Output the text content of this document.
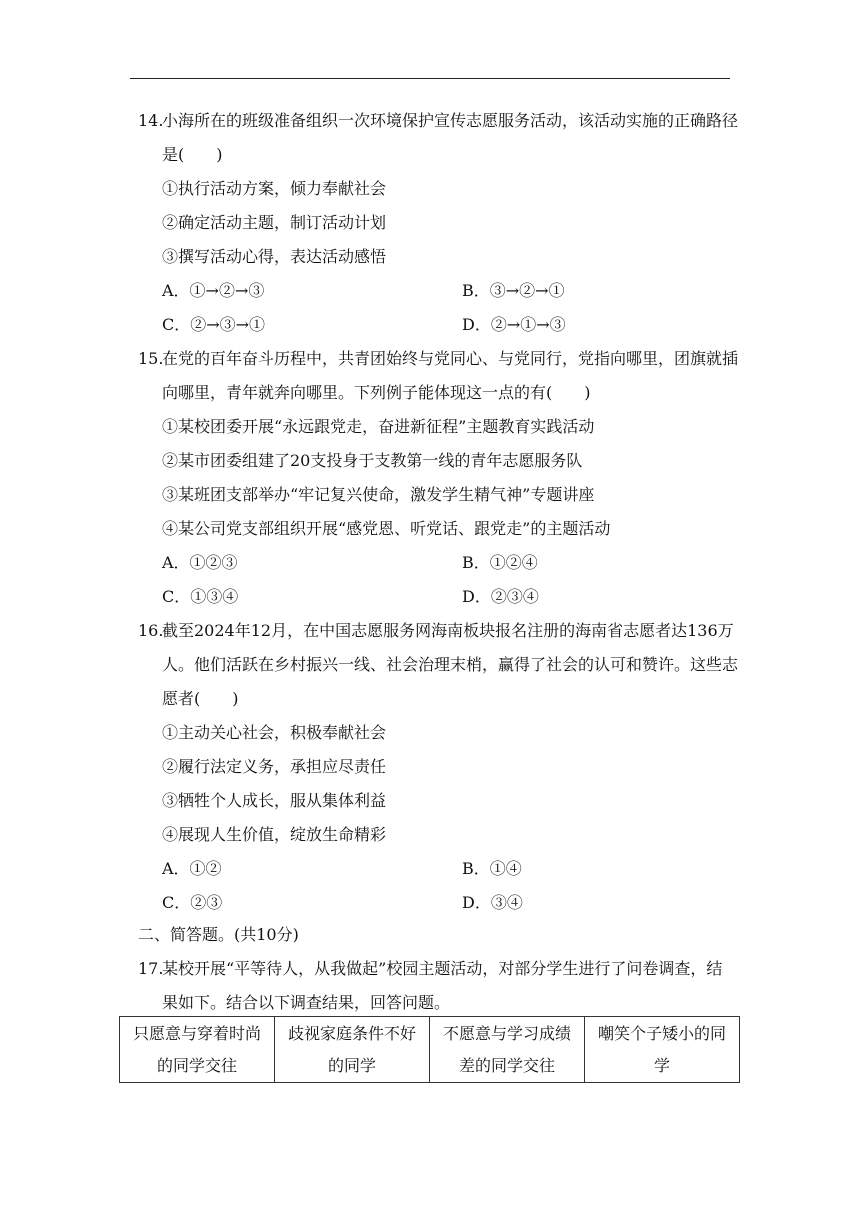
14.小海所在的班级准备组织一次环境保护宣传志愿服务活动，该活动实施的正确路径是(　　)
①执行活动方案，倾力奉献社会
②确定活动主题，制订活动计划
③撰写活动心得，表达活动感悟
A．①→②→③	B．③→②→①
C．②→③→①	D．②→①→③
15.在党的百年奋斗历程中，共青团始终与党同心、与党同行，党指向哪里，团旗就插向哪里，青年就奔向哪里。下列例子能体现这一点的有(　　)
①某校团委开展“永远跟党走，奋进新征程”主题教育实践活动
②某市团委组建了20支投身于支教第一线的青年志愿服务队
③某班团支部举办“牢记复兴使命，激发学生精气神”专题讲座
④某公司党支部组织开展“感党恩、听党话、跟党走”的主题活动
A．①②③	B．①②④
C．①③④	D．②③④
16.截至2024年12月，在中国志愿服务网海南板块报名注册的海南省志愿者达136万人。他们活跃在乡村振兴一线、社会治理末梢，赢得了社会的认可和赞许。这些志愿者(　　)
①主动关心社会，积极奉献社会
②履行法定义务，承担应尽责任
③牺牲个人成长，服从集体利益
④展现人生价值，绽放生命精彩
A．①②	B．①④
C．②③	D．③④
二、简答题。(共10分)
17.某校开展“平等待人，从我做起”校园主题活动，对部分学生进行了问卷调查，结果如下。结合以下调查结果，回答问题。
只愿意与穿着时尚的同学交往	歧视家庭条件不好的同学	不愿意与学习成绩差的同学交往	嘲笑个子矮小的同学
